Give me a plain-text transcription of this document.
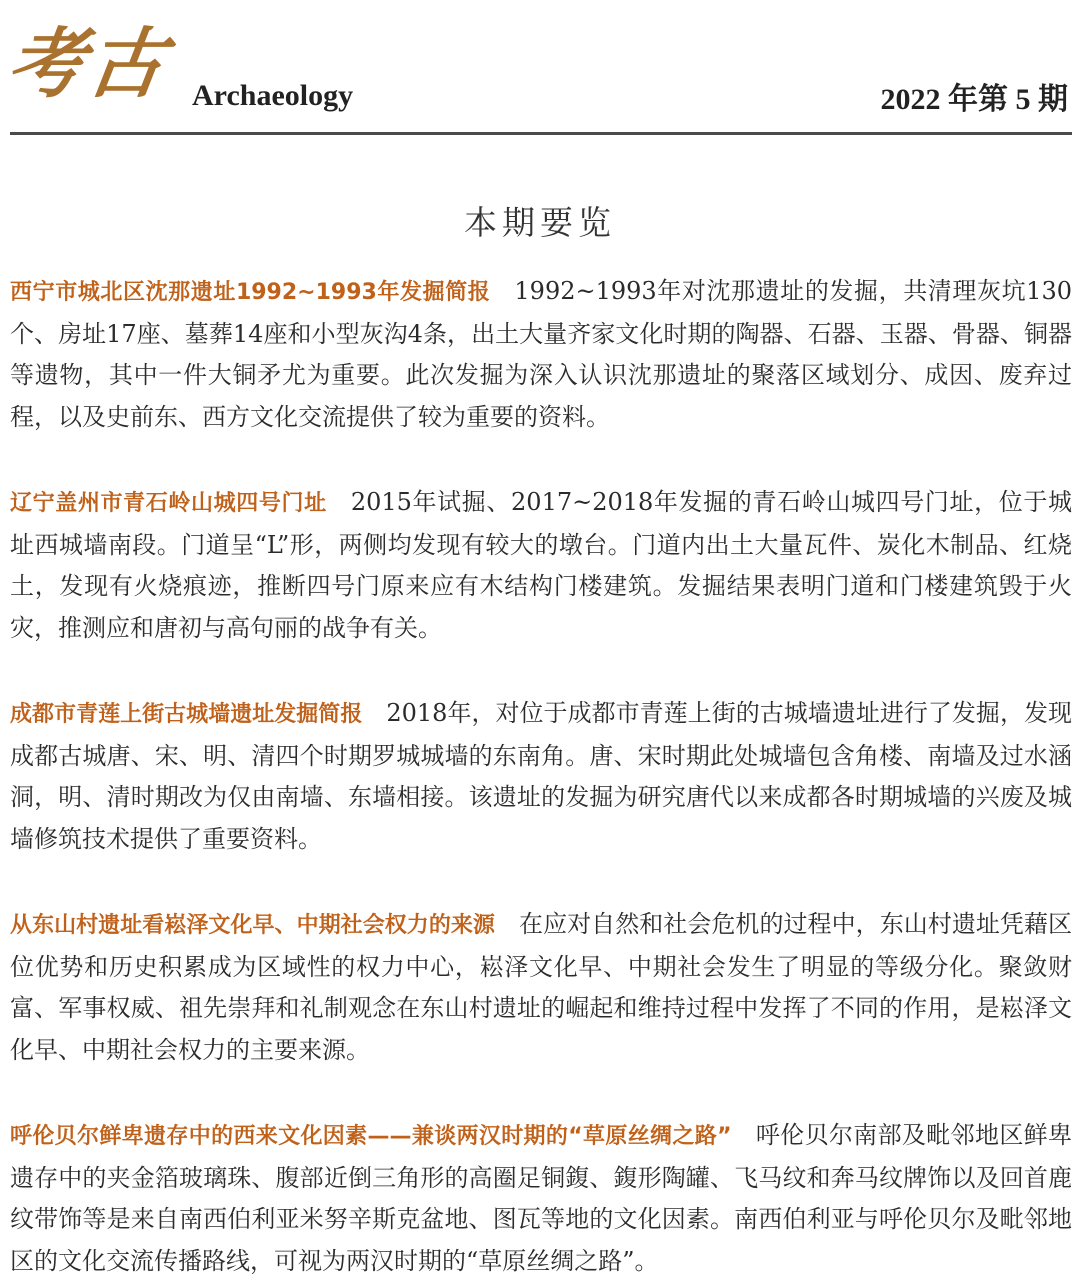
考古 Archaeology	2022 年第 5 期
本期要览

西宁市城北区沈那遗址1992~1993年发掘简报 1992~1993年对沈那遗址的发掘，共清理灰坑130个、房址17座、墓葬14座和小型灰沟4条，出土大量齐家文化时期的陶器、石器、玉器、骨器、铜器等遗物，其中一件大铜矛尤为重要。此次发掘为深入认识沈那遗址的聚落区域划分、成因、废弃过程，以及史前东、西方文化交流提供了较为重要的资料。

辽宁盖州市青石岭山城四号门址 2015年试掘、2017~2018年发掘的青石岭山城四号门址，位于城址西城墙南段。门道呈“L”形，两侧均发现有较大的墩台。门道内出土大量瓦件、炭化木制品、红烧土，发现有火烧痕迹，推断四号门原来应有木结构门楼建筑。发掘结果表明门道和门楼建筑毁于火灾，推测应和唐初与高句丽的战争有关。

成都市青莲上街古城墙遗址发掘简报 2018年，对位于成都市青莲上街的古城墙遗址进行了发掘，发现成都古城唐、宋、明、清四个时期罗城城墙的东南角。唐、宋时期此处城墙包含角楼、南墙及过水涵洞，明、清时期改为仅由南墙、东墙相接。该遗址的发掘为研究唐代以来成都各时期城墙的兴废及城墙修筑技术提供了重要资料。

从东山村遗址看崧泽文化早、中期社会权力的来源 在应对自然和社会危机的过程中，东山村遗址凭藉区位优势和历史积累成为区域性的权力中心，崧泽文化早、中期社会发生了明显的等级分化。聚敛财富、军事权威、祖先崇拜和礼制观念在东山村遗址的崛起和维持过程中发挥了不同的作用，是崧泽文化早、中期社会权力的主要来源。

呼伦贝尔鲜卑遗存中的西来文化因素——兼谈两汉时期的“草原丝绸之路” 呼伦贝尔南部及毗邻地区鲜卑遗存中的夹金箔玻璃珠、腹部近倒三角形的高圈足铜鍑、鍑形陶罐、飞马纹和奔马纹牌饰以及回首鹿纹带饰等是来自南西伯利亚米努辛斯克盆地、图瓦等地的文化因素。南西伯利亚与呼伦贝尔及毗邻地区的文化交流传播路线，可视为两汉时期的“草原丝绸之路”。
